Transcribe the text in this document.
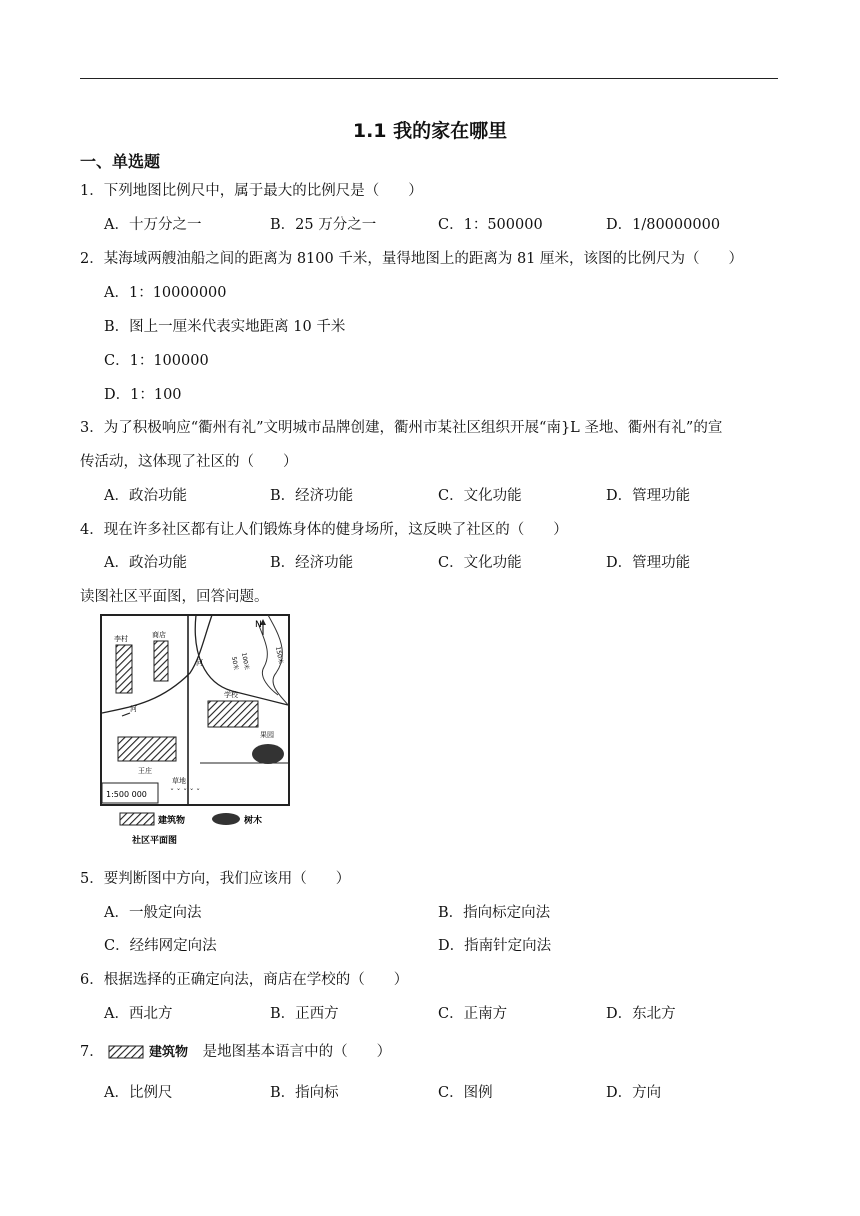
1.1 我的家在哪里
一、单选题
1．下列地图比例尺中，属于最大的比例尺是（　　）
A．十万分之一	B．25 万分之一	C．1：500000	D．1/80000000
2．某海域两艘油船之间的距离为 8100 千米，量得地图上的距离为 81 厘米，该图的比例尺为（　　）
A．1：10000000
B．图上一厘米代表实地距离 10 千米
C．1：100000
D．1：100
3．为了积极响应“衢州有礼”文明城市品牌创建，衢州市某社区组织开展“南}L 圣地、衢州有礼”的宣
传活动，这体现了社区的（　　）
A．政治功能	B．经济功能	C．文化功能	D．管理功能
4．现在许多社区都有让人们锻炼身体的健身场所，这反映了社区的（　　）
A．政治功能	B．经济功能	C．文化功能	D．管理功能
读图社区平面图，回答问题。
ˇ ˇ ˇ ˇ ˇ
N
李村	商店
河
河
学校
果园
王庄
草地
100米	150米
50米
1:500 000
建筑物	树木
社区平面图
5．要判断图中方向，我们应该用（　　）
A．一般定向法	B．指向标定向法
C．经纬网定向法	D．指南针定向法
6．根据选择的正确定向法，商店在学校的（　　）
A．西北方	B．正西方	C．正南方	D．东北方
7．	建筑物 是地图基本语言中的（　　）
A．比例尺	B．指向标	C．图例	D．方向
